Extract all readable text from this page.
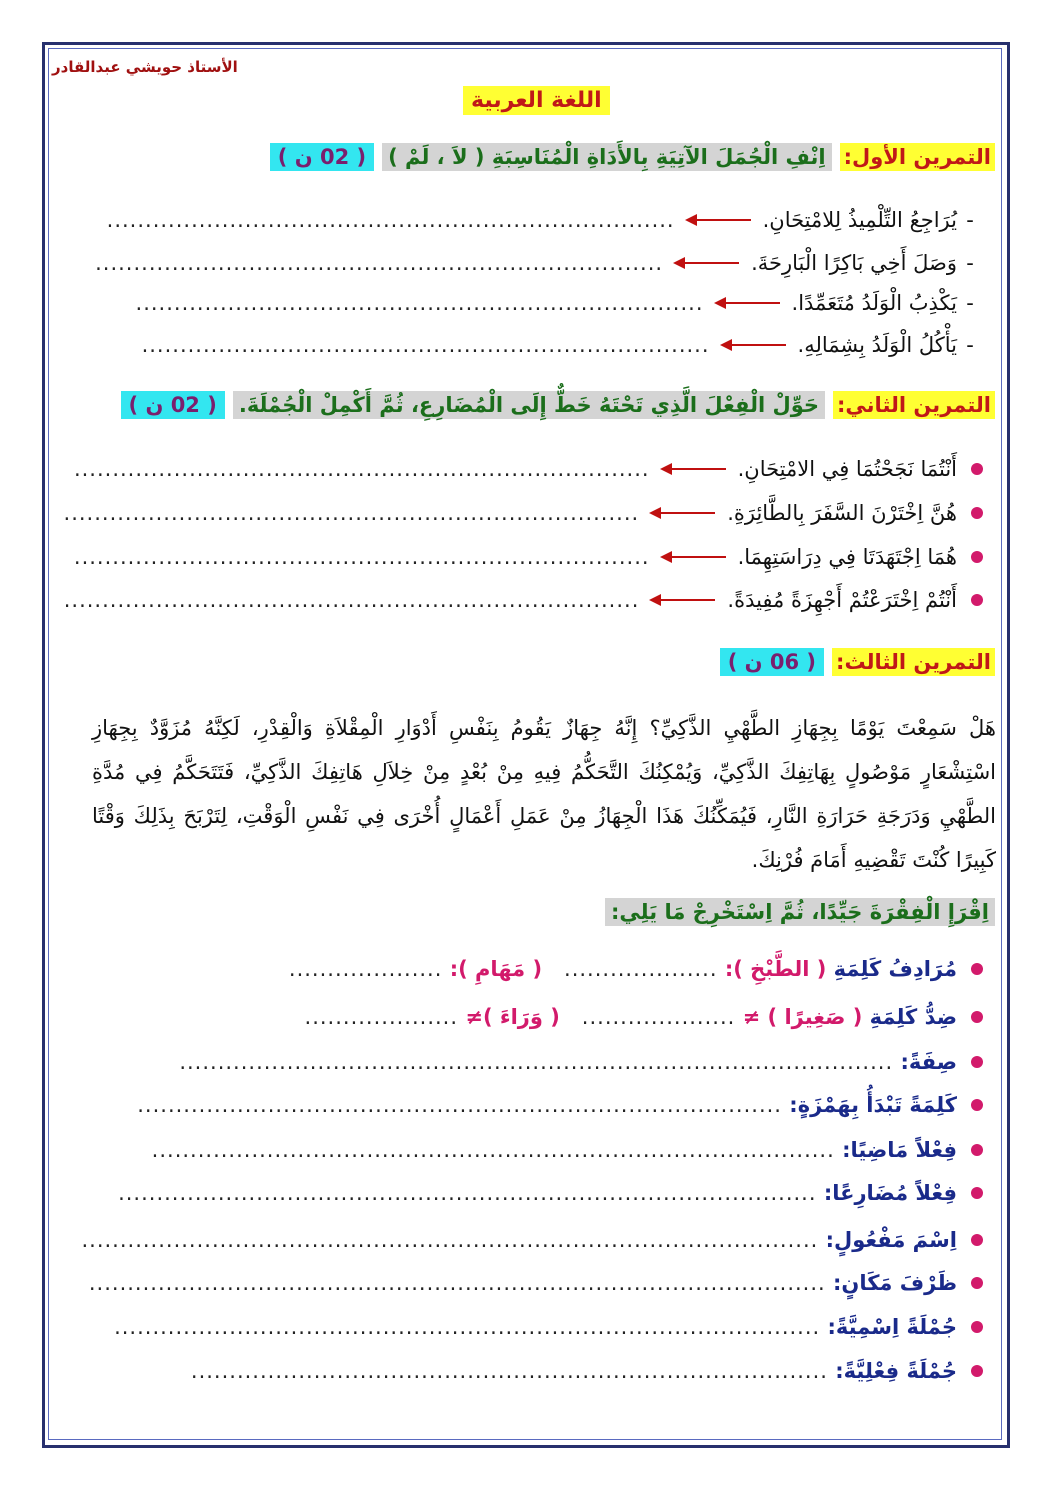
الأستاذ حويشي عبدالقادر
اللغة العربية
التمرين الأول:
اِنْفِ الْجُمَلَ الآتِيَةِ بِالأَدَاةِ الْمُنَاسِبَةِ ( لاَ ، لَمْ )
( 02 ن )
التمرين الثاني:
حَوِّلْ الْفِعْلَ الَّذِي تَحْتَهُ خَطٌّ إِلَى الْمُضَارِعِ، ثُمَّ أَكْمِلْ الْجُمْلَةَ.
( 02 ن )
التمرين الثالث:
( 06 ن )
هَلْ سَمِعْتَ يَوْمًا بِجِهَازِ الطَّهْيِ الذَّكِيِّ؟ إِنَّهُ جِهَازٌ يَقُومُ بِنَفْسِ أَدْوَارِ الْمِقْلاَةِ وَالْقِدْرِ، لَكِنَّهُ مُزَوَّدٌ بِجِهَازِ اسْتِشْعَارٍ مَوْصُولٍ بِهَاتِفِكَ الذَّكِيِّ، وَيُمْكِنُكَ التَّحَكُّمُ فِيهِ مِنْ بُعْدٍ مِنْ خِلاَلِ هَاتِفِكَ الذَّكِيِّ، فَتَتَحَكَّمُ فِي مُدَّةِ الطَّهْيِ وَدَرَجَةِ حَرَارَةِ النَّارِ، فَيُمَكِّنُكَ هَذَا الْجِهَازُ مِنْ عَمَلِ أَعْمَالٍ أُخْرَى فِي نَفْسِ الْوَقْتِ، لِتَرْبَحَ بِذَلِكَ وَقْتًا كَبِيرًا كُنْتَ تَقْضِيهِ أَمَامَ فُرْنِكَ.
اِقْرَإِ الْفِقْرَةَ جَيِّدًا، ثُمَّ اِسْتَخْرِجْ مَا يَلِي:
مُرَادِفُ كَلِمَةِ

( الطَّبْخِ ):

....................

( مَهَامِ ):

....................
ضِدُّ كَلِمَةِ

( صَغِيرًا ) ≠

....................

( وَرَاءَ )≠

....................
-
يُرَاجِعُ التِّلْمِيذُ لِلامْتِحَانِ.
..........................................................................
-
وَصَلَ أَخِي بَاكِرًا الْبَارِحَةَ.
..........................................................................
-
يَكْذِبُ الْوَلَدُ مُتَعَمِّدًا.
..........................................................................
-
يَأْكُلُ الْوَلَدُ بِشِمَالِهِ.
..........................................................................
أَنْتُمَا نَجَحْتُمَا فِي الامْتِحَانِ.
...........................................................................
هُنَّ اِخْتَرْنَ السَّفَرَ بِالطَّائِرَةِ.
...........................................................................
هُمَا اِجْتَهَدَتَا فِي دِرَاسَتِهِمَا.
...........................................................................
أَنْتُمْ اِخْتَرَعْتُمْ أَجْهِزَةً مُفِيدَةً.
...........................................................................
صِفَةً:

.............................................................................................
كَلِمَةً تَبْدَأُ بِهَمْزَةٍ:

....................................................................................
فِعْلاً مَاضِيًا:

.........................................................................................
فِعْلاً مُضَارِعًا:

...........................................................................................
اِسْمَ مَفْعُولٍ:

................................................................................................
ظَرْفَ مَكَانٍ:

................................................................................................
جُمْلَةً اِسْمِيَّةً:

............................................................................................
جُمْلَةً فِعْلِيَّةً:

...................................................................................
